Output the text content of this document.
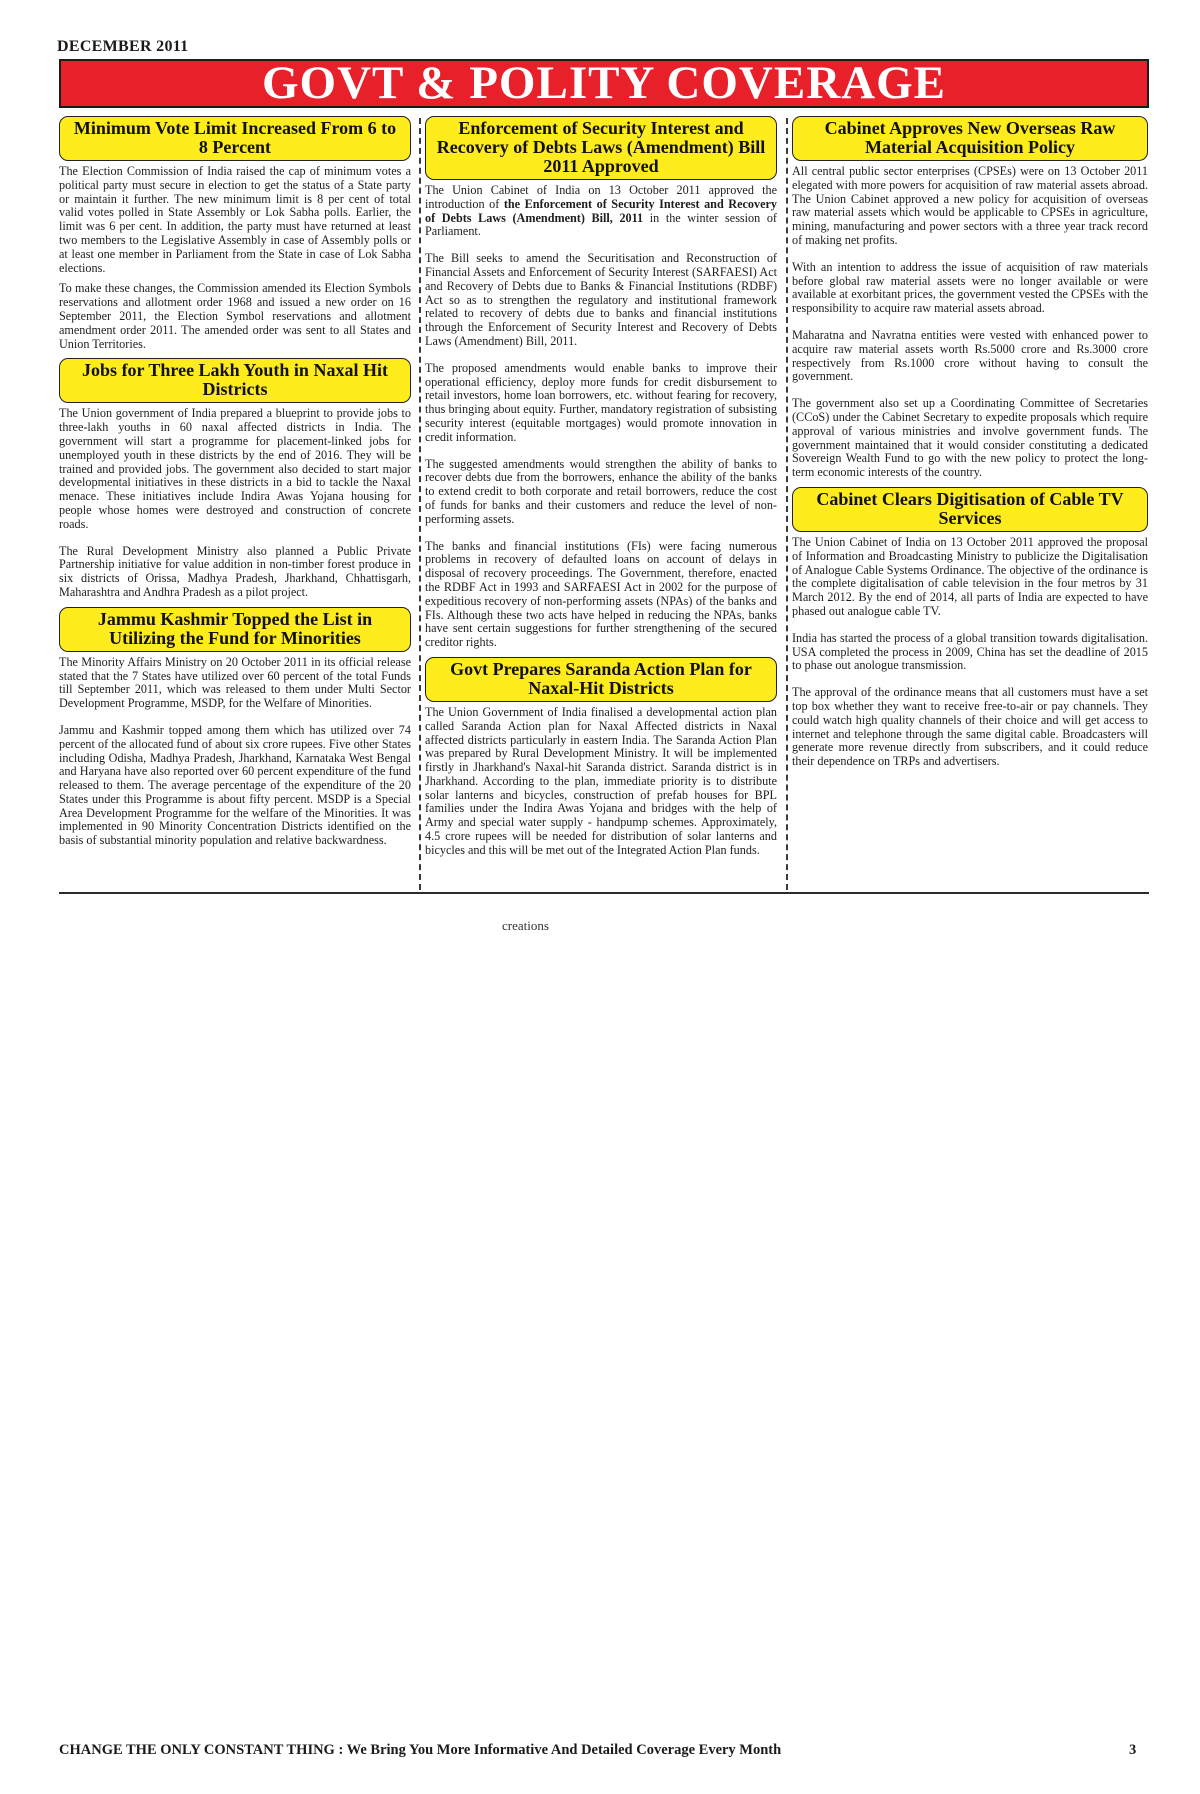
DECEMBER 2011
GOVT & POLITY COVERAGE
Minimum Vote Limit Increased From 6 to 8 Percent

The Election Commission of India raised the cap of minimum votes a political party must secure in election to get the status of a State party or maintain it further. The new minimum limit is 8 per cent of total valid votes polled in State Assembly or Lok Sabha polls. Earlier, the limit was 6 per cent. In addition, the party must have returned at least two members to the Legislative Assembly in case of Assembly polls or at least one member in Parliament from the State in case of Lok Sabha elections.

To make these changes, the Commission amended its Election Symbols reservations and allotment order 1968 and issued a new order on 16 September 2011, the Election Symbol reservations and allotment amendment order 2011. The amended order was sent to all States and Union Territories.

Jobs for Three Lakh Youth in Naxal Hit Districts

The Union government of India prepared a blueprint to provide jobs to three-lakh youths in 60 naxal affected districts in India. The government will start a programme for placement-linked jobs for unemployed youth in these districts by the end of 2016. They will be trained and provided jobs. The government also decided to start major developmental initiatives in these districts in a bid to tackle the Naxal menace. These initiatives include Indira Awas Yojana housing for people whose homes were destroyed and construction of concrete roads.

The Rural Development Ministry also planned a Public Private Partnership initiative for value addition in non-timber forest produce in six districts of Orissa, Madhya Pradesh, Jharkhand, Chhattisgarh, Maharashtra and Andhra Pradesh as a pilot project.

Jammu Kashmir Topped the List in Utilizing the Fund for Minorities

The Minority Affairs Ministry on 20 October 2011 in its official release stated that the 7 States have utilized over 60 percent of the total Funds till September 2011, which was released to them under Multi Sector Development Programme, MSDP, for the Welfare of Minorities.

Jammu and Kashmir topped among them which has utilized over 74 percent of the allocated fund of about six crore rupees. Five other States including Odisha, Madhya Pradesh, Jharkhand, Karnataka West Bengal and Haryana have also reported over 60 percent expenditure of the fund released to them. The average percentage of the expenditure of the 20 States under this Programme is about fifty percent. MSDP is a Special Area Development Programme for the welfare of the Minorities. It was implemented in 90 Minority Concentration Districts identified on the basis of substantial minority population and relative backwardness.

Enforcement of Security Interest and Recovery of Debts Laws (Amendment) Bill 2011 Approved

The Union Cabinet of India on 13 October 2011 approved the introduction of the Enforcement of Security Interest and Recovery of Debts Laws (Amendment) Bill, 2011 in the winter session of Parliament.

The Bill seeks to amend the Securitisation and Reconstruction of Financial Assets and Enforcement of Security Interest (SARFAESI) Act and Recovery of Debts due to Banks & Financial Institutions (RDBF) Act so as to strengthen the regulatory and institutional framework related to recovery of debts due to banks and financial institutions through the Enforcement of Security Interest and Recovery of Debts Laws (Amendment) Bill, 2011.

The proposed amendments would enable banks to improve their operational efficiency, deploy more funds for credit disbursement to retail investors, home loan borrowers, etc. without fearing for recovery, thus bringing about equity. Further, mandatory registration of subsisting security interest (equitable mortgages) would promote innovation in credit information.

The suggested amendments would strengthen the ability of banks to recover debts due from the borrowers, enhance the ability of the banks to extend credit to both corporate and retail borrowers, reduce the cost of funds for banks and their customers and reduce the level of non-performing assets.

The banks and financial institutions (FIs) were facing numerous problems in recovery of defaulted loans on account of delays in disposal of recovery proceedings. The Government, therefore, enacted the RDBF Act in 1993 and SARFAESI Act in 2002 for the purpose of expeditious recovery of non-performing assets (NPAs) of the banks and FIs. Although these two acts have helped in reducing the NPAs, banks have sent certain suggestions for further strengthening of the secured creditor rights.

Govt Prepares Saranda Action Plan for Naxal-Hit Districts

The Union Government of India finalised a developmental action plan called Saranda Action plan for Naxal Affected districts in Naxal affected districts particularly in eastern India. The Saranda Action Plan was prepared by Rural Development Ministry. It will be implemented firstly in Jharkhand's Naxal-hit Saranda district. Saranda district is in Jharkhand. According to the plan, immediate priority is to distribute solar lanterns and bicycles, construction of prefab houses for BPL families under the Indira Awas Yojana and bridges with the help of Army and special water supply - handpump schemes. Approximately, 4.5 crore rupees will be needed for distribution of solar lanterns and bicycles and this will be met out of the Integrated Action Plan funds.

Cabinet Approves New Overseas Raw Material Acquisition Policy

All central public sector enterprises (CPSEs) were on 13 October 2011 elegated with more powers for acquisition of raw material assets abroad. The Union Cabinet approved a new policy for acquisition of overseas raw material assets which would be applicable to CPSEs in agriculture, mining, manufacturing and power sectors with a three year track record of making net profits.

With an intention to address the issue of acquisition of raw materials before global raw material assets were no longer available or were available at exorbitant prices, the government vested the CPSEs with the responsibility to acquire raw material assets abroad.

Maharatna and Navratna entities were vested with enhanced power to acquire raw material assets worth Rs.5000 crore and Rs.3000 crore respectively from Rs.1000 crore without having to consult the government.

The government also set up a Coordinating Committee of Secretaries (CCoS) under the Cabinet Secretary to expedite proposals which require approval of various ministries and involve government funds. The government maintained that it would consider constituting a dedicated Sovereign Wealth Fund to go with the new policy to protect the long-term economic interests of the country.

Cabinet Clears Digitisation of Cable TV Services

The Union Cabinet of India on 13 October 2011 approved the proposal of Information and Broadcasting Ministry to publicize the Digitalisation of Analogue Cable Systems Ordinance. The objective of the ordinance is the complete digitalisation of cable television in the four metros by 31 March 2012. By the end of 2014, all parts of India are expected to have phased out analogue cable TV.

India has started the process of a global transition towards digitalisation. USA completed the process in 2009, China has set the deadline of 2015 to phase out anologue transmission.

The approval of the ordinance means that all customers must have a set top box whether they want to receive free-to-air or pay channels. They could watch high quality channels of their choice and will get access to internet and telephone through the same digital cable. Broadcasters will generate more revenue directly from subscribers, and it could reduce their dependence on TRPs and advertisers.

creations
CHANGE THE ONLY CONSTANT THING : We Bring You More Informative And Detailed Coverage Every Month	3
